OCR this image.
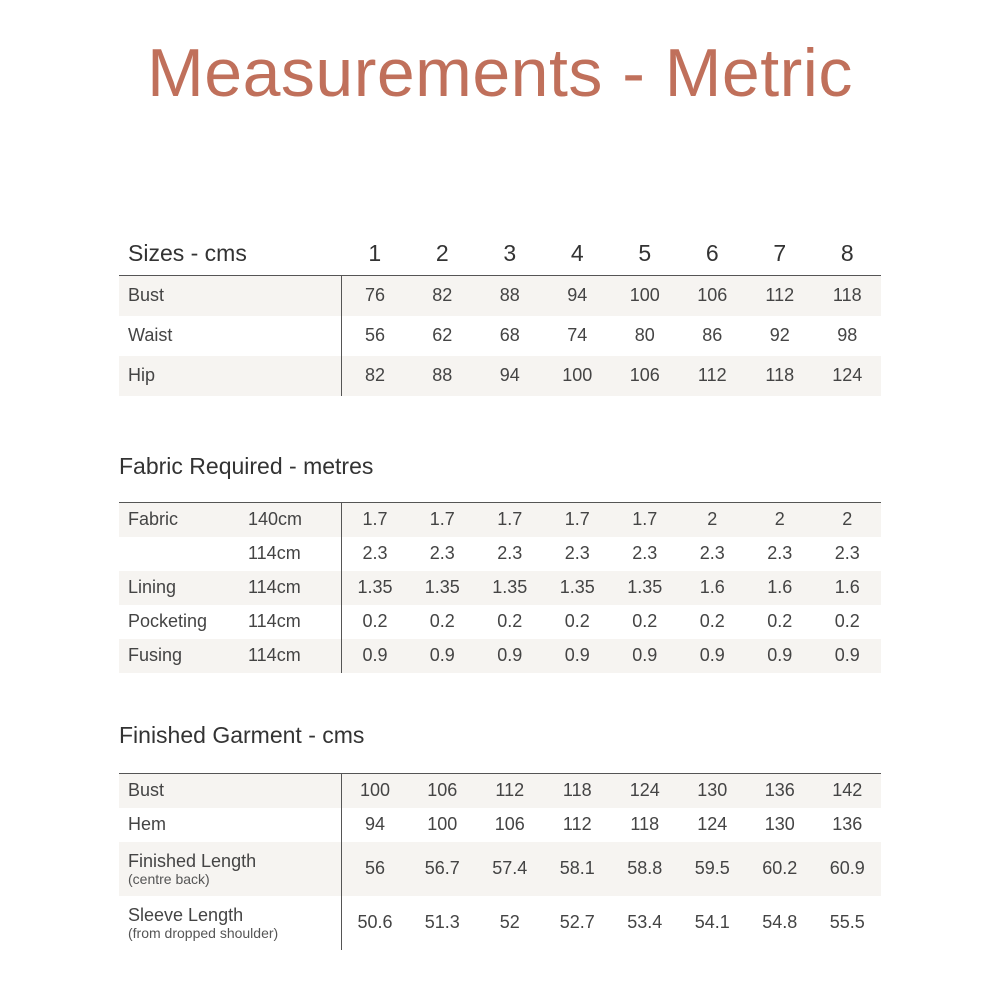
Measurements - Metric
Sizes - cms	1	2	3	4	5	6	7	8
Bust	76	82	88	94	100	106	112	118
Waist	56	62	68	74	80	86	92	98
Hip	82	88	94	100	106	112	118	124
Fabric Required - metres
Fabric	140cm	1.7	1.7	1.7	1.7	1.7	2	2	2
	114cm	2.3	2.3	2.3	2.3	2.3	2.3	2.3	2.3
Lining	114cm	1.35	1.35	1.35	1.35	1.35	1.6	1.6	1.6
Pocketing	114cm	0.2	0.2	0.2	0.2	0.2	0.2	0.2	0.2
Fusing	114cm	0.9	0.9	0.9	0.9	0.9	0.9	0.9	0.9
Finished Garment - cms
Bust	100	106	112	118	124	130	136	142
Hem	94	100	106	112	118	124	130	136
Finished Length
(centre back)	56	56.7	57.4	58.1	58.8	59.5	60.2	60.9
Sleeve Length
(from dropped shoulder)	50.6	51.3	52	52.7	53.4	54.1	54.8	55.5
